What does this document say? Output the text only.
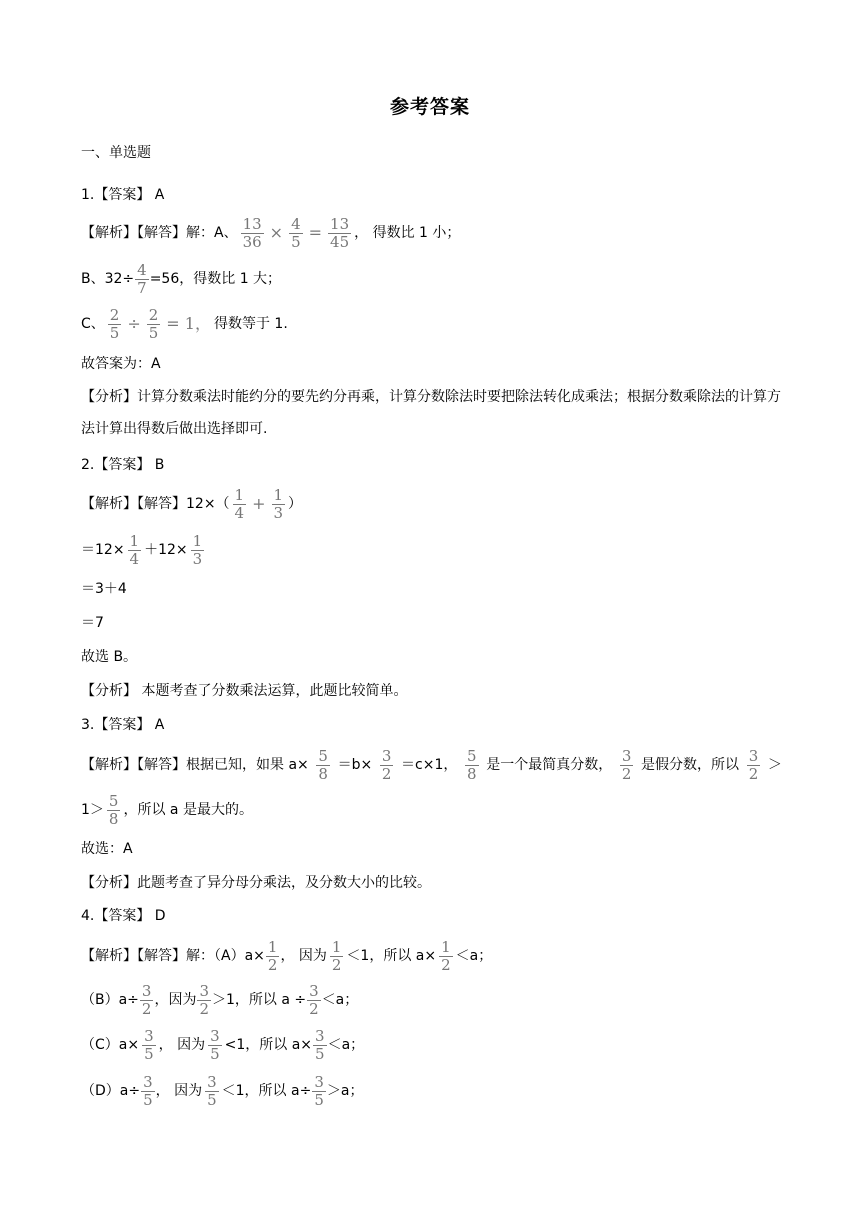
参考答案
一、单选题
1.【答案】 A
【解析】【解答】解：A、 $\frac{13}{36} \times \frac{4}{5} = \frac{13}{45}$ ， 得数比 1 小；
B、$32\div \frac{4}{7} =56$，得数比 1 大；
C、 $\frac{2}{5} \div \frac{2}{5} = 1$， 得数等于 1.
故答案为：A
【分析】计算分数乘法时能约分的要先约分再乘，计算分数除法时要把除法转化成乘法；根据分数乘除法的计算方法计算出得数后做出选择即可.
2.【答案】 B
【解析】【解答】$12\times( \frac{1}{4} + \frac{1}{3}$ ）
$=12\times \frac{1}{4} +12\times \frac{1}{3}$
＝3＋4
＝7
故选 B。
【分析】 本题考查了分数乘法运算，此题比较简单。
3.【答案】 A
【解析】【解答】根据已知，如果 $a\times \frac{5}{8} =b\times \frac{3}{2} =c\times 1$， $\frac{5}{8}$ 是一个最简真分数， $\frac{3}{2}$ 是假分数，所以 $\frac{3}{2}$ ＞
$1> \frac{5}{8}$ ，所以 a 是最大的。
故选：A
【分析】此题考查了异分母分乘法，及分数大小的比较。
4.【答案】 D
【解析】【解答】解：$(A)a\times \frac{1}{2}$ ， 因为 $\frac{1}{2} <1$，所以 $a\times \frac{1}{2} <a$；
$(B)a\div \frac{3}{2}$ ，因为 $\frac{3}{2} >1$，所以 $a \div \frac{3}{2} <a$；
$(C)a\times \frac{3}{5}$ ， 因为 $\frac{3}{5} <1$，所以 $a\times \frac{3}{5} <a$；
$(D)a\div \frac{3}{5}$ ， 因为 $\frac{3}{5} <1$，所以 $a\div \frac{3}{5} >a$；
